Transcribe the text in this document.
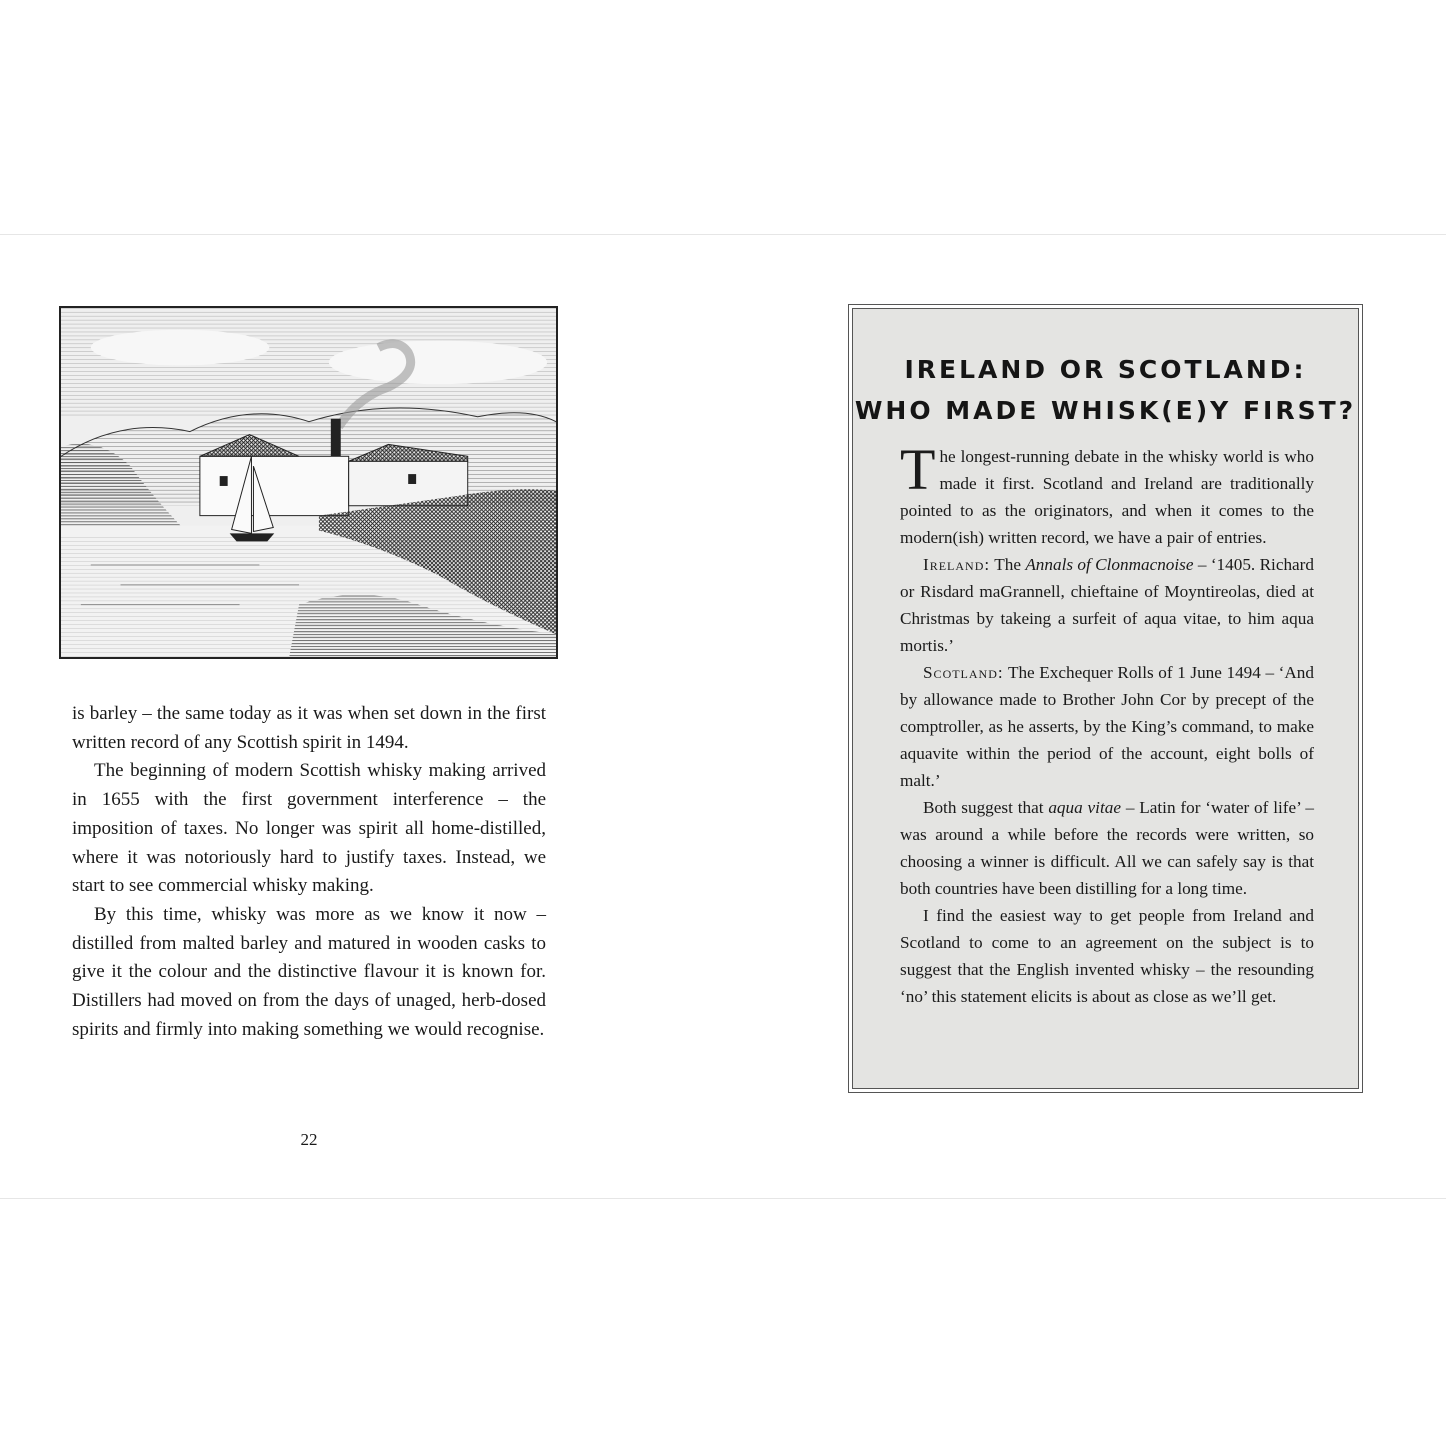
is barley – the same today as it was when set down in the first written record of any Scottish spirit in 1494.

The beginning of modern Scottish whisky making arrived in 1655 with the first government interference – the imposition of taxes. No longer was spirit all home-distilled, where it was notoriously hard to justify taxes. Instead, we start to see commercial whisky making.

By this time, whisky was more as we know it now – distilled from malted barley and matured in wooden casks to give it the colour and the distinctive flavour it is known for. Distillers had moved on from the days of unaged, herb-dosed spirits and firmly into making something we would recognise.

22
IRELAND OR SCOTLAND:
WHO MADE WHISK(E)Y FIRST?

The longest-running debate in the whisky world is who made it first. Scotland and Ireland are traditionally pointed to as the originators, and when it comes to the modern(ish) written record, we have a pair of entries.

Ireland: The Annals of Clonmacnoise – ‘1405. Richard or Risdard maGrannell, chieftaine of Moyntireolas, died at Christmas by takeing a surfeit of aqua vitae, to him aqua mortis.’

Scotland: The Exchequer Rolls of 1 June 1494 – ‘And by allowance made to Brother John Cor by precept of the comptroller, as he asserts, by the King’s command, to make aquavite within the period of the account, eight bolls of malt.’

Both suggest that aqua vitae – Latin for ‘water of life’ – was around a while before the records were written, so choosing a winner is difficult. All we can safely say is that both countries have been distilling for a long time.

I find the easiest way to get people from Ireland and Scotland to come to an agreement on the subject is to suggest that the English invented whisky – the resounding ‘no’ this statement elicits is about as close as we’ll get.
